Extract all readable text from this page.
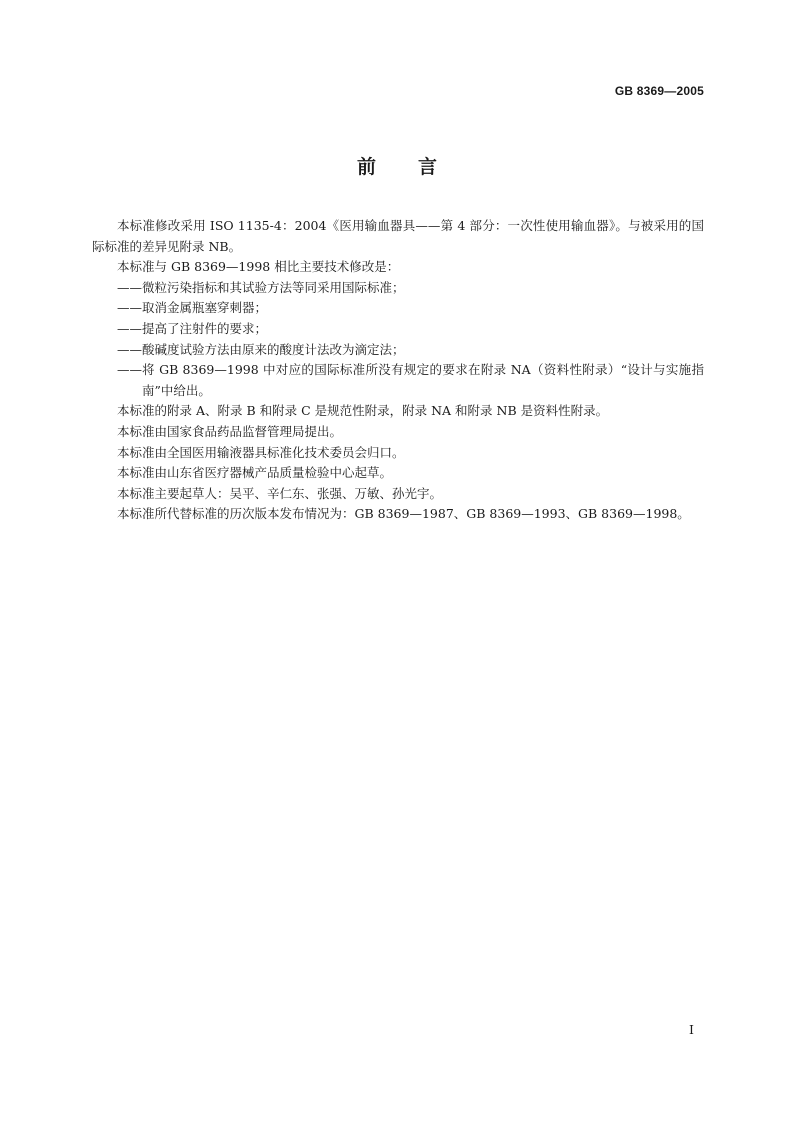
GB 8369—2005
前言

本标准修改采用 ISO 1135-4：2004《医用输血器具——第 4 部分：一次性使用输血器》。与被采用的国际标准的差异见附录 NB。

本标准与 GB 8369—1998 相比主要技术修改是：

—— 微粒污染指标和其试验方法等同采用国际标准；
—— 取消金属瓶塞穿刺器；
—— 提高了注射件的要求；
—— 酸碱度试验方法由原来的酸度计法改为滴定法；
—— 将 GB 8369—1998 中对应的国际标准所没有规定的要求在附录 NA（资料性附录）“设计与实施指南”中给出。

本标准的附录 A、附录 B 和附录 C 是规范性附录，附录 NA 和附录 NB 是资料性附录。

本标准由国家食品药品监督管理局提出。

本标准由全国医用输液器具标准化技术委员会归口。

本标准由山东省医疗器械产品质量检验中心起草。

本标准主要起草人：吴平、辛仁东、张强、万敏、孙光宇。

本标准所代替标准的历次版本发布情况为：GB 8369—1987、GB 8369—1993、GB 8369—1998。

I
